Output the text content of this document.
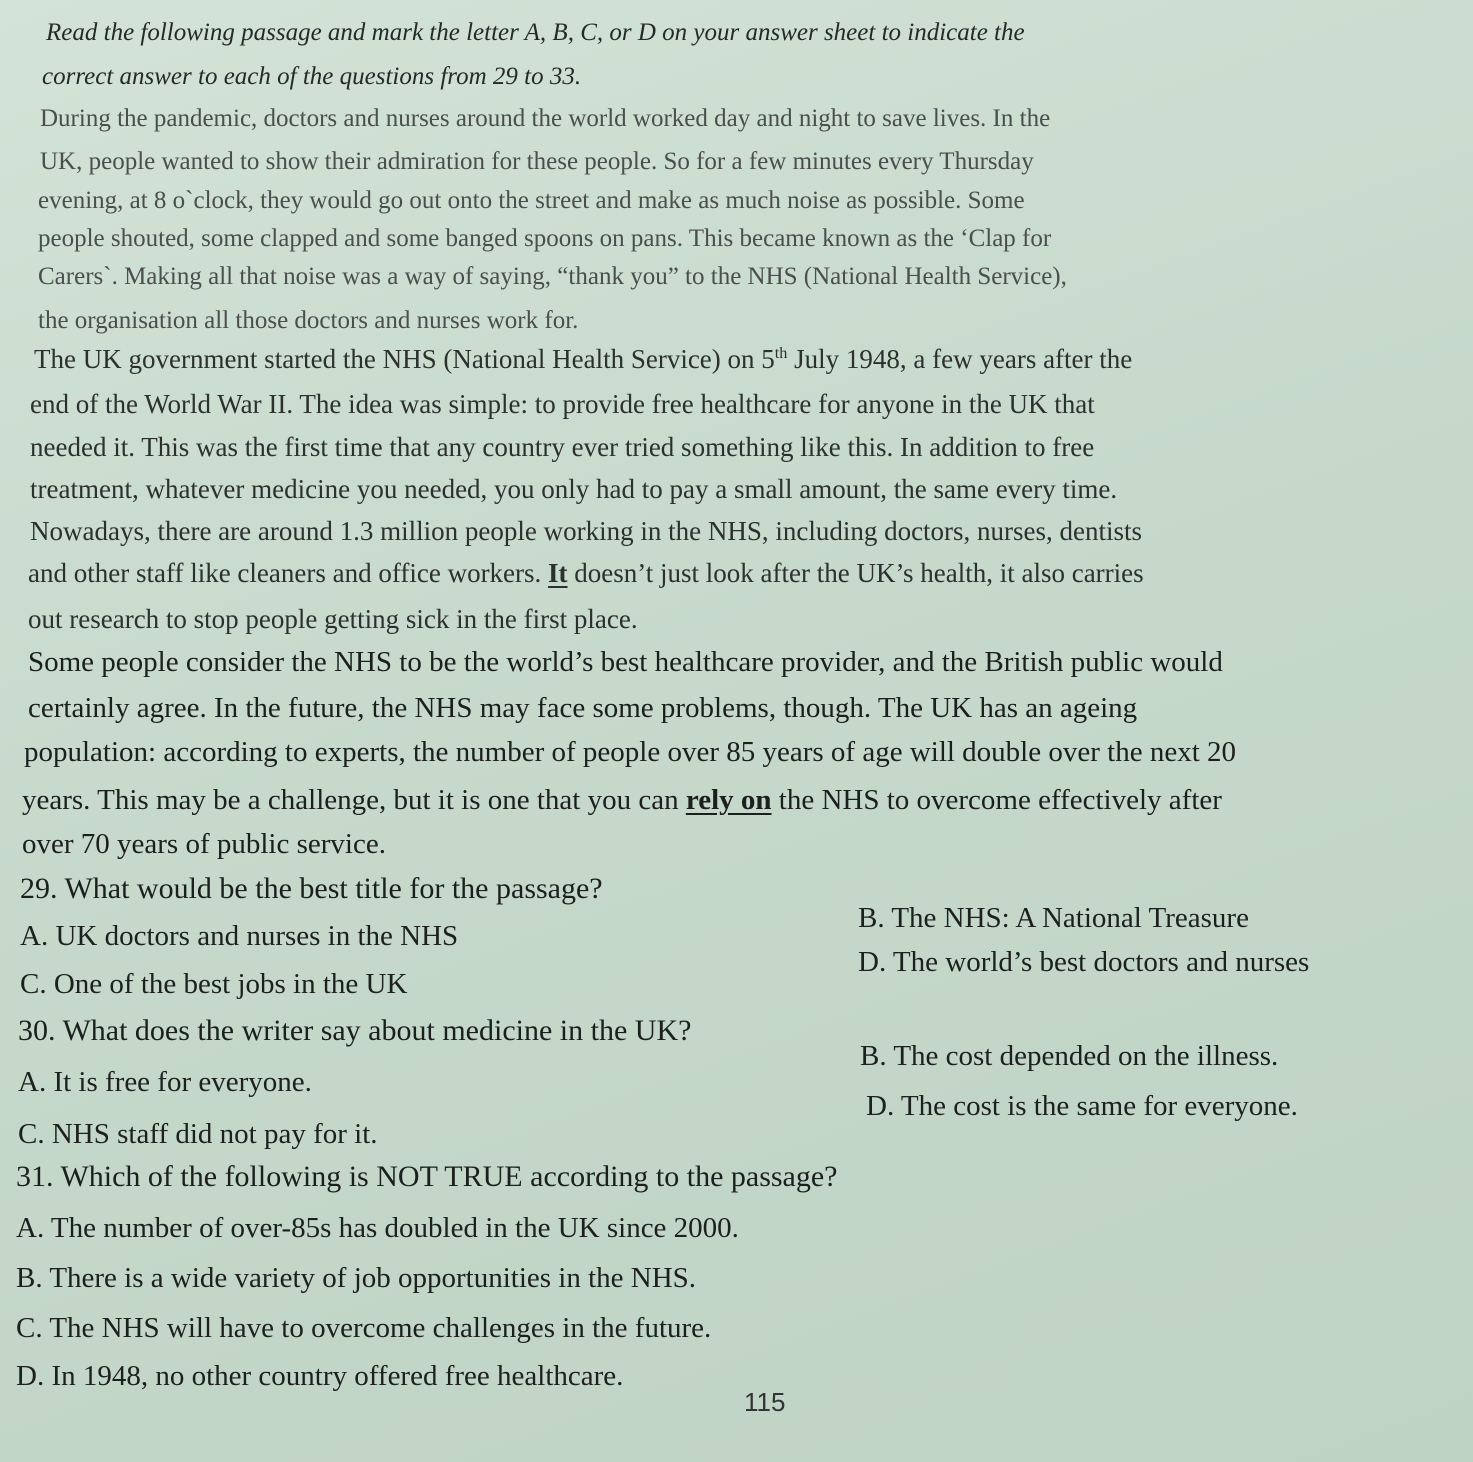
Read the following passage and mark the letter A, B, C, or D on your answer sheet to indicate the
correct answer to each of the questions from 29 to 33.
During the pandemic, doctors and nurses around the world worked day and night to save lives. In the
UK, people wanted to show their admiration for these people. So for a few minutes every Thursday
evening, at 8 o`clock, they would go out onto the street and make as much noise as possible. Some
people shouted, some clapped and some banged spoons on pans. This became known as the ‘Clap for
Carers`. Making all that noise was a way of saying, “thank you” to the NHS (National Health Service),
the organisation all those doctors and nurses work for.
The UK government started the NHS (National Health Service) on 5th July 1948, a few years after the
end of the World War II. The idea was simple: to provide free healthcare for anyone in the UK that
needed it. This was the first time that any country ever tried something like this. In addition to free
treatment, whatever medicine you needed, you only had to pay a small amount, the same every time.
Nowadays, there are around 1.3 million people working in the NHS, including doctors, nurses, dentists
and other staff like cleaners and office workers. It doesn’t just look after the UK’s health, it also carries
out research to stop people getting sick in the first place.
Some people consider the NHS to be the world’s best healthcare provider, and the British public would
certainly agree. In the future, the NHS may face some problems, though. The UK has an ageing
population: according to experts, the number of people over 85 years of age will double over the next 20
years. This may be a challenge, but it is one that you can rely on the NHS to overcome effectively after
over 70 years of public service.
29. What would be the best title for the passage?
A. UK doctors and nurses in the NHS
B. The NHS: A National Treasure
C. One of the best jobs in the UK
D. The world’s best doctors and nurses
30. What does the writer say about medicine in the UK?
A. It is free for everyone.
B. The cost depended on the illness.
C. NHS staff did not pay for it.
D. The cost is the same for everyone.
31. Which of the following is NOT TRUE according to the passage?
A. The number of over-85s has doubled in the UK since 2000.
B. There is a wide variety of job opportunities in the NHS.
C. The NHS will have to overcome challenges in the future.
D. In 1948, no other country offered free healthcare.
115
